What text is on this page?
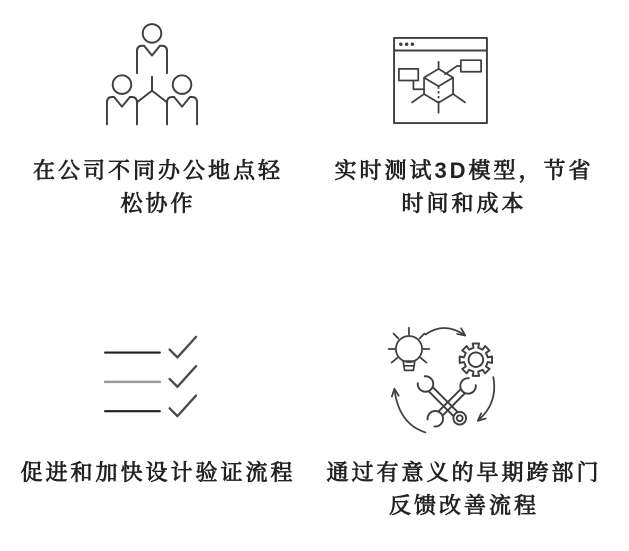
在公司不同办公地点轻
松协作
实时测试3D模型，节省
时间和成本
促进和加快设计验证流程 通过有意义的早期跨部门
反馈改善流程
